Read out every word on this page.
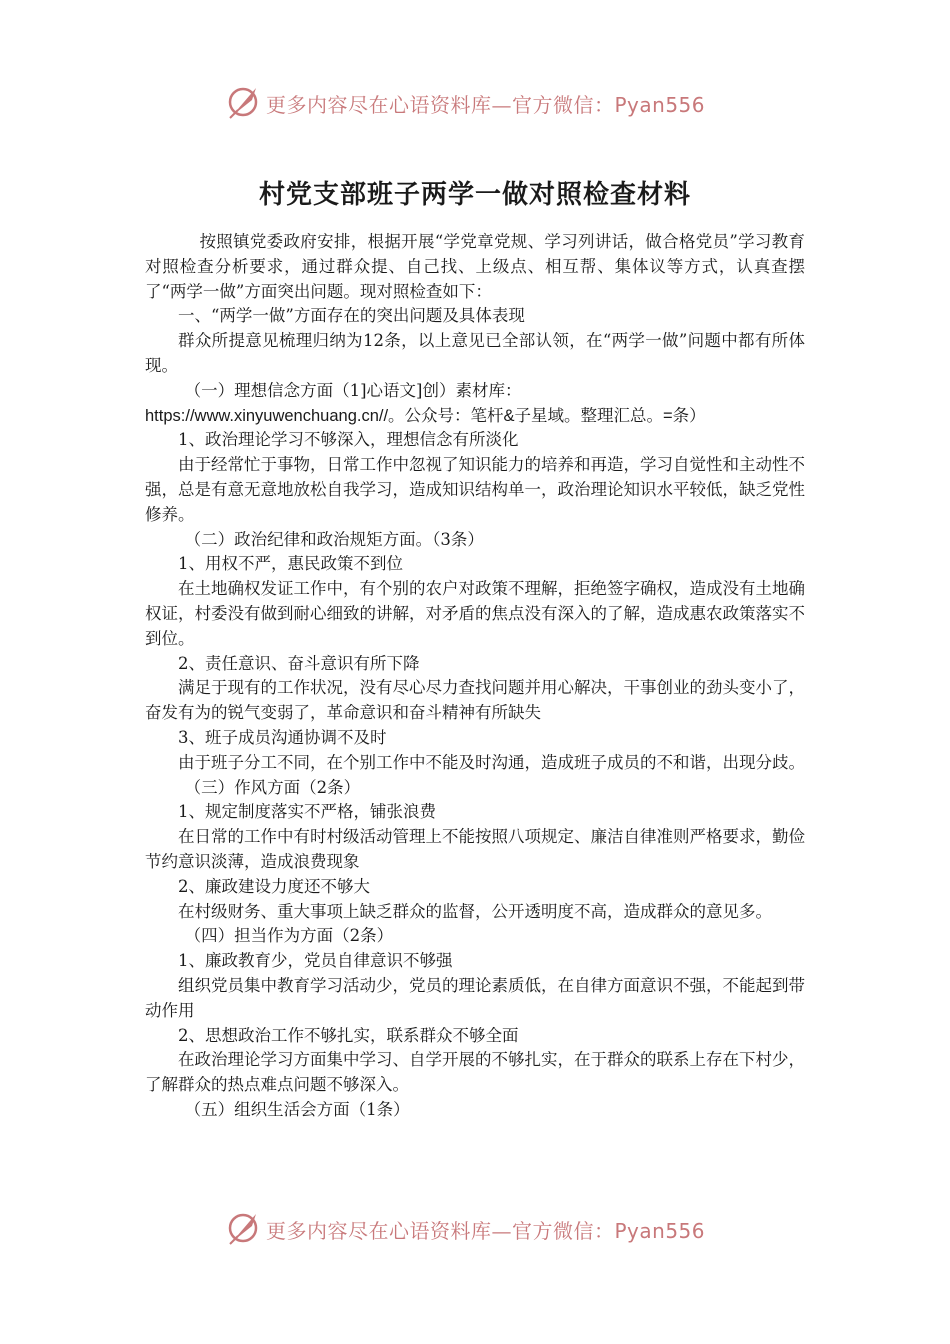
更多内容尽在心语资料库—官方微信：Pyan556
村党支部班子两学一做对照检查材料

按照镇党委政府安排，根据开展“学党章党规、学习列讲话，做合格党员”学习教育对照检查分析要求，通过群众提、自己找、上级点、相互帮、集体议等方式，认真查摆了“两学一做”方面突出问题。现对照检查如下：

一、“两学一做”方面存在的突出问题及具体表现

群众所提意见梳理归纳为12条，以上意见已全部认领，在“两学一做”问题中都有所体现。

（一）理想信念方面（1]心语文]创）素材库：

https://www.xinyuwenchuang.cn//。公众号：笔杆&子星域。整理汇总。=条）

1、政治理论学习不够深入，理想信念有所淡化

由于经常忙于事物，日常工作中忽视了知识能力的培养和再造，学习自觉性和主动性不强，总是有意无意地放松自我学习，造成知识结构单一，政治理论知识水平较低，缺乏党性修养。

（二）政治纪律和政治规矩方面。（3条）

1、用权不严，惠民政策不到位

在土地确权发证工作中，有个别的农户对政策不理解，拒绝签字确权，造成没有土地确权证，村委没有做到耐心细致的讲解，对矛盾的焦点没有深入的了解，造成惠农政策落实不到位。

2、责任意识、奋斗意识有所下降

满足于现有的工作状况，没有尽心尽力查找问题并用心解决，干事创业的劲头变小了，奋发有为的锐气变弱了，革命意识和奋斗精神有所缺失

3、班子成员沟通协调不及时

由于班子分工不同，在个别工作中不能及时沟通，造成班子成员的不和谐，出现分歧。

（三）作风方面（2条）

1、规定制度落实不严格，铺张浪费

在日常的工作中有时村级活动管理上不能按照八项规定、廉洁自律准则严格要求，勤俭节约意识淡薄，造成浪费现象

2、廉政建设力度还不够大

在村级财务、重大事项上缺乏群众的监督，公开透明度不高，造成群众的意见多。

（四）担当作为方面（2条）

1、廉政教育少，党员自律意识不够强

组织党员集中教育学习活动少，党员的理论素质低，在自律方面意识不强，不能起到带动作用

2、思想政治工作不够扎实，联系群众不够全面

在政治理论学习方面集中学习、自学开展的不够扎实，在于群众的联系上存在下村少，了解群众的热点难点问题不够深入。

（五）组织生活会方面（1条）

更多内容尽在心语资料库—官方微信：Pyan556
